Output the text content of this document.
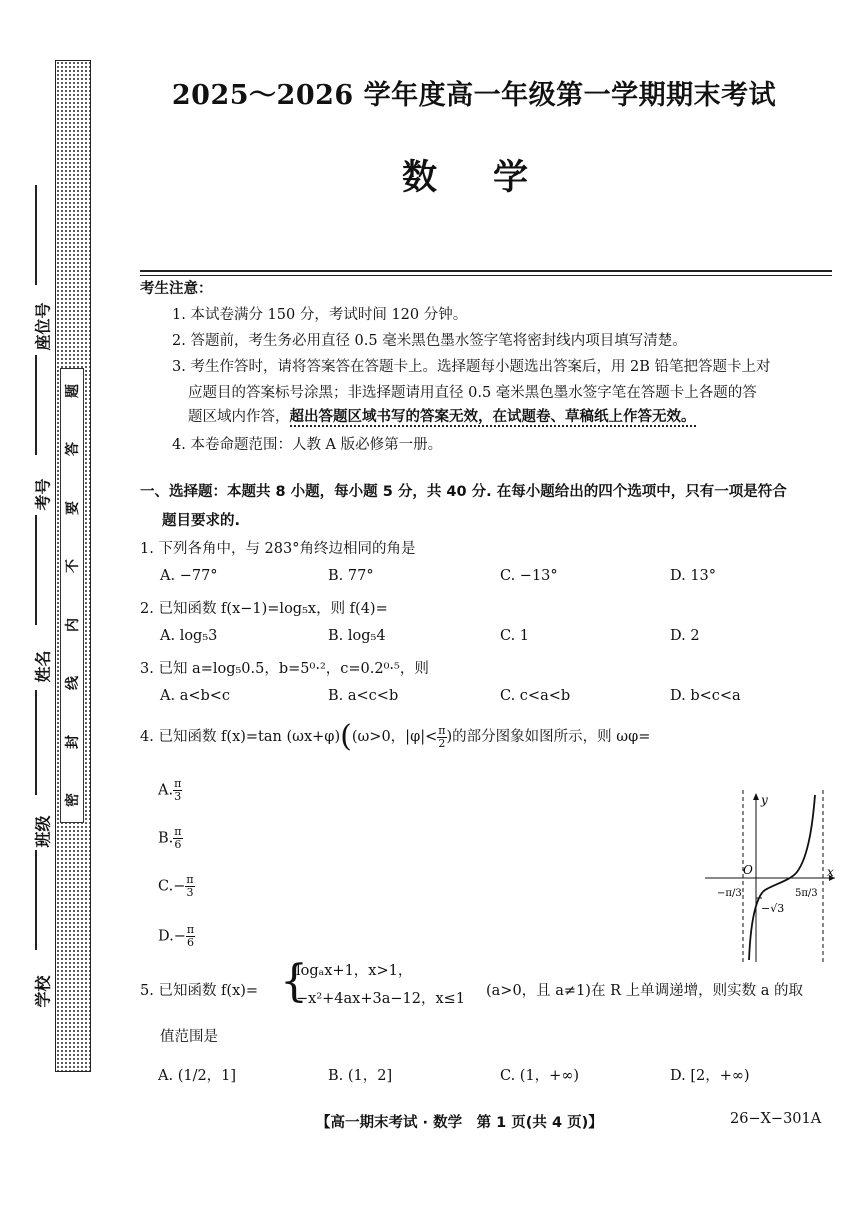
题
答
要
不
内
线
封
密
座位号
考号
姓名
班级
学校
2025～2026 学年度高一年级第一学期期末考试
数学
考生注意：
1. 本试卷满分 150 分，考试时间 120 分钟。
2. 答题前，考生务必用直径 0.5 毫米黑色墨水签字笔将密封线内项目填写清楚。
3. 考生作答时，请将答案答在答题卡上。选择题每小题选出答案后，用 2B 铅笔把答题卡上对
应题目的答案标号涂黑；非选择题请用直径 0.5 毫米黑色墨水签字笔在答题卡上各题的答
题区域内作答，超出答题区域书写的答案无效，在试题卷、草稿纸上作答无效。
4. 本卷命题范围：人教 A 版必修第一册。
一、选择题：本题共 8 小题，每小题 5 分，共 40 分. 在每小题给出的四个选项中，只有一项是符合
题目要求的.
1. 下列各角中，与 283°角终边相同的角是
A. −77°	B. 77°	C. −13°	D. 13°
2. 已知函数 f(x−1)=log₅x，则 f(4)=
A. log₅3	B. log₅4	C. 1	D. 2
3. 已知 a=log₅0.5，b=5⁰·²，c=0.2⁰·⁵，则
A. a<b<c	B. a<c<b	C. c<a<b	D. b<c<a
4. 已知函数 f(x)=tan (ωx+φ)((ω>0，$|\varphi|< \frac{\pi}{2}$ )的部分图象如图所示，则 ωφ=
A. $\frac{\pi}{3}$
B. $\frac{\pi}{6}$
$C.- \frac{\pi}{3}$
$D.- \frac{\pi}{6}$
y
x
O
−π/3	5π/3
−√3
5. 已知函数 f(x)= {
logₐx+1，x>1，
−x²+4ax+3a−12，x≤1 (a>0，且 a≠1)在 R 上单调递增，则实数 a 的取
值范围是
A. (1/2，1]	B. (1，2]	C. (1，+∞)	D. [2，+∞)
【高一期末考试 · 数学　第 1 页(共 4 页)】	26−X−301A
